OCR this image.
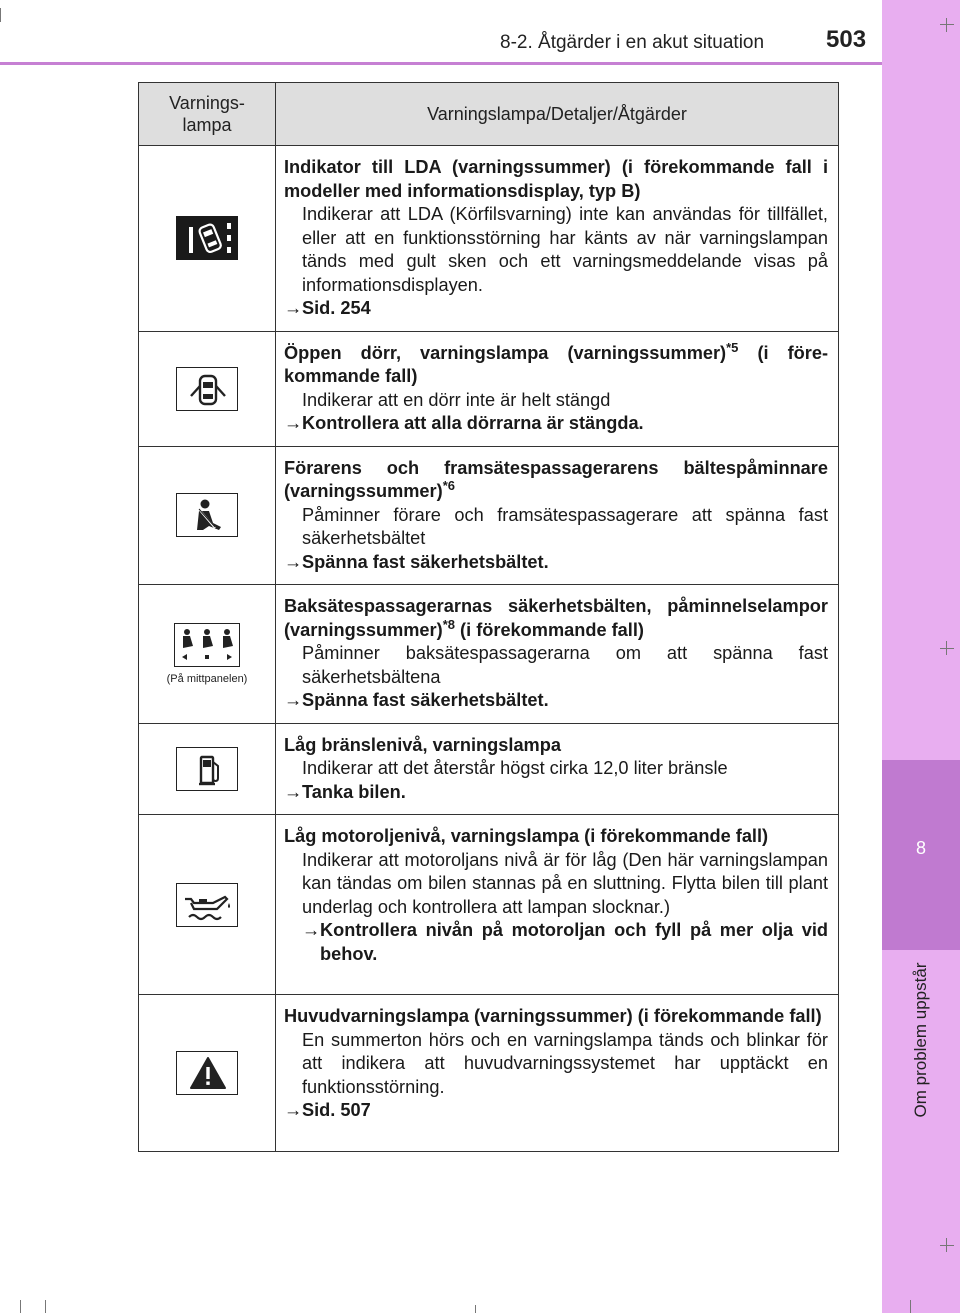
8
Om problem uppstår
8-2. Åtgärder i en akut situation	503
Varnings-
lampa	Varningslampa/Detaljer/Åtgärder

Indikator till LDA (varningssummer) (i förekommande fall i modeller med informationsdisplay, typ B)
Indikerar att LDA (Körfilsvarning) inte kan användas för tillfället, eller att en funktionsstörning har känts av när varningslampan tänds med gult sken och ett varningsmeddelande visas på informationsdisplayen.
→Sid. 254

Öppen dörr, varningslampa (varningssummer)$^{*5}$ (i förekommande fall)
Indikerar att en dörr inte är helt stängd
→Kontrollera att alla dörrarna är stängda.

Förarens och framsätespassagerarens bältespåminnare (varningssummer)$^{*6}$
Påminner förare och framsätespassagerare att spänna fast säkerhetsbältet
→Spänna fast säkerhetsbältet.

(På mittpanelen)	Baksätespassagerarnas säkerhetsbälten, påminnelselampor (varningssummer)$^{*8}$ (i förekommande fall)
Påminner baksätespassagerarna om att spänna fast säkerhetsbältena
→Spänna fast säkerhetsbältet.

Låg bränslenivå, varningslampa
Indikerar att det återstår högst cirka 12,0 liter bränsle
→Tanka bilen.

Låg motoroljenivå, varningslampa (i förekommande fall)
Indikerar att motoroljans nivå är för låg (Den här varningslampan kan tändas om bilen stannas på en sluttning. Flytta bilen till plant underlag och kontrollera att lampan slocknar.)
→Kontrollera nivån på motoroljan och fyll på mer olja vid behov.

Huvudvarningslampa (varningssummer) (i förekommande fall)
En summerton hörs och en varningslampa tänds och blinkar för att indikera att huvudvarningssystemet har upptäckt en funktionsstörning.
→Sid. 507
